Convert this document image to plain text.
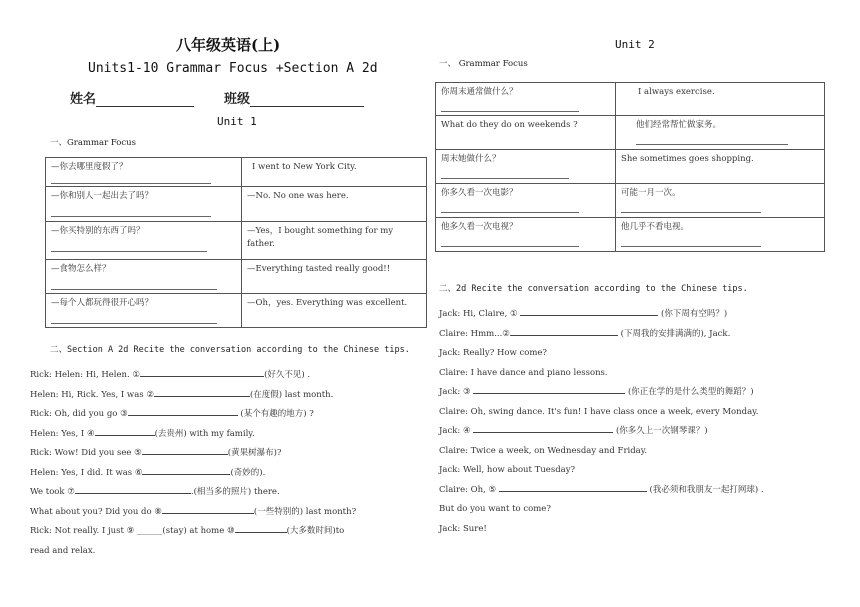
八年级英语(上)
Units1-10 Grammar Focus +Section A 2d
姓名	班级
Unit 1
一、Grammar Focus
—你去哪里度假了？	I went to New York City.
—你和别人一起出去了吗？	—No. No one was here.
—你买特别的东西了吗？	—Yes，I bought something for my father.
—食物怎么样？	—Everything tasted really good!!
—每个人都玩得很开心吗？	—Oh，yes. Everything was excellent.
二、Section A 2d Recite the conversation according to the Chinese tips.
Rick: Helen: Hi, Helen. ①	(好久不见) .
Helen: Hi, Rick. Yes, I was ②	(在度假) last month.
Rick: Oh, did you go ③	(某个有趣的地方) ?
Helen: Yes, I ④	(去贵州) with my family.
Rick: Wow! Did you see ⑤	(黄果树瀑布)?
Helen: Yes, I did. It was ⑥	(奇妙的).
We took ⑦	.(相当多的照片) there.
What about you? Did you do ⑧	(一些特别的) last month?
Rick: Not really. I just ⑨ ______(stay) at home ⑩	(大多数时间)to
read and relax.
Unit 2
一、 Grammar Focus
你周末通常做什么？	I always exercise.
What do they do on weekends ?	他们经常帮忙做家务。

周末她做什么？	She sometimes goes shopping.
你多久看一次电影？	可能一月一次。

他多久看一次电视？	他几乎不看电视。
二、2d Recite the conversation according to the Chinese tips.
Jack: Hi, Claire, ①	(你下周有空吗？)
Claire: Hmm...②	(下周我的安排满满的), Jack.
Jack: Really? How come?
Claire: I have dance and piano lessons.
Jack: ③	(你正在学的是什么类型的舞蹈？)
Claire: Oh, swing dance. It's fun! I have class once a week, every Monday.
Jack: ④	(你多久上一次钢琴课？)
Claire: Twice a week, on Wednesday and Friday.
Jack: Well, how about Tuesday?
Claire: Oh, ⑤	(我必须和我朋友一起打网球) .
But do you want to come?
Jack: Sure!
